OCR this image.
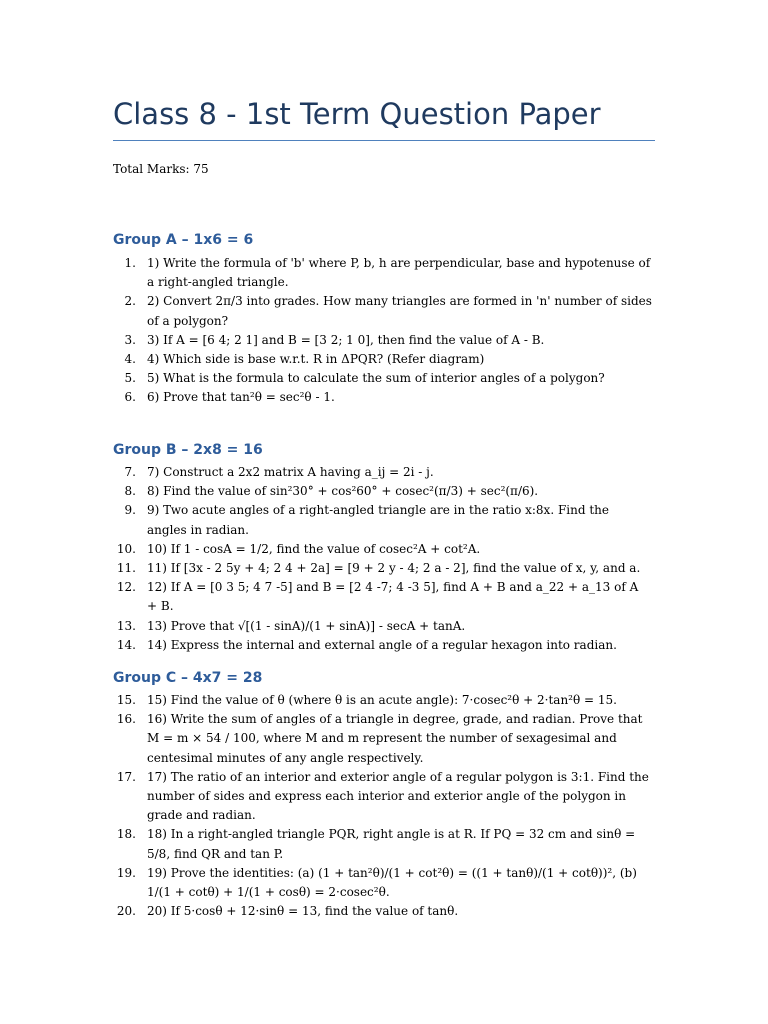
Class 8 - 1st Term Question Paper
Total Marks: 75
Group A – 1x6 = 6
1. 1) Write the formula of 'b' where P, b, h are perpendicular, base and hypotenuse of a right-angled triangle.
2. 2) Convert 2π/3 into grades. How many triangles are formed in 'n' number of sides of a polygon?
3. 3) If A = [6 4; 2 1] and B = [3 2; 1 0], then find the value of A - B.
4. 4) Which side is base w.r.t. R in ΔPQR? (Refer diagram)
5. 5) What is the formula to calculate the sum of interior angles of a polygon?
6. 6) Prove that tan²θ = sec²θ - 1.
Group B – 2x8 = 16
7. 7) Construct a 2x2 matrix A having a_ij = 2i - j.
8. 8) Find the value of sin²30° + cos²60° + cosec²(π/3) + sec²(π/6).
9. 9) Two acute angles of a right-angled triangle are in the ratio x:8x. Find the angles in radian.
10. 10) If 1 - cosA = 1/2, find the value of cosec²A + cot²A.
11. 11) If [3x - 2 5y + 4; 2 4 + 2a] = [9 + 2 y - 4; 2 a - 2], find the value of x, y, and a.
12. 12) If A = [0 3 5; 4 7 -5] and B = [2 4 -7; 4 -3 5], find A + B and a_22 + a_13 of A + B.
13. 13) Prove that √[(1 - sinA)/(1 + sinA)] - secA + tanA.
14. 14) Express the internal and external angle of a regular hexagon into radian.
Group C – 4x7 = 28
15. 15) Find the value of θ (where θ is an acute angle): 7·cosec²θ + 2·tan²θ = 15.
16. 16) Write the sum of angles of a triangle in degree, grade, and radian. Prove that M = m × 54 / 100, where M and m represent the number of sexagesimal and centesimal minutes of any angle respectively.
17. 17) The ratio of an interior and exterior angle of a regular polygon is 3:1. Find the number of sides and express each interior and exterior angle of the polygon in grade and radian.
18. 18) In a right-angled triangle PQR, right angle is at R. If PQ = 32 cm and sinθ = 5/8, find QR and tan P.
19. 19) Prove the identities: (a) (1 + tan²θ)/(1 + cot²θ) = ((1 + tanθ)/(1 + cotθ))², (b) 1/(1 + cotθ) + 1/(1 + cosθ) = 2·cosec²θ.
20. 20) If 5·cosθ + 12·sinθ = 13, find the value of tanθ.
